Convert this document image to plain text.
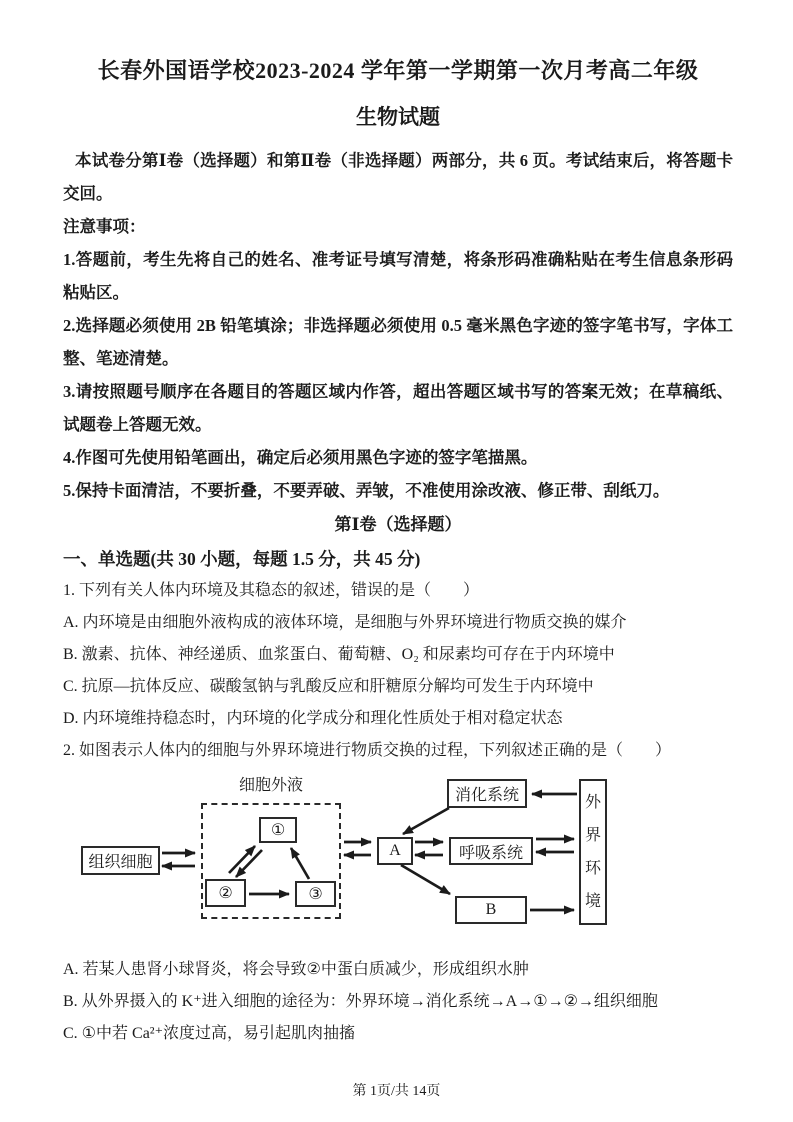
长春外国语学校2023-2024 学年第一学期第一次月考高二年级
生物试题
本试卷分第Ⅰ卷（选择题）和第Ⅱ卷（非选择题）两部分，共 6 页。考试结束后，将答题卡交回。
注意事项：
1.答题前，考生先将自己的姓名、准考证号填写清楚，将条形码准确粘贴在考生信息条形码粘贴区。
2.选择题必须使用 2B 铅笔填涂；非选择题必须使用 0.5 毫米黑色字迹的签字笔书写，字体工整、笔迹清楚。
3.请按照题号顺序在各题目的答题区域内作答，超出答题区域书写的答案无效；在草稿纸、试题卷上答题无效。
4.作图可先使用铅笔画出，确定后必须用黑色字迹的签字笔描黑。
5.保持卡面清洁，不要折叠，不要弄破、弄皱，不准使用涂改液、修正带、刮纸刀。
第Ⅰ卷（选择题）
一、单选题(共 30 小题，每题 1.5 分，共 45 分)
1. 下列有关人体内环境及其稳态的叙述，错误的是（　　）
A. 内环境是由细胞外液构成的液体环境，是细胞与外界环境进行物质交换的媒介
B. 激素、抗体、神经递质、血浆蛋白、葡萄糖、O₂ 和尿素均可存在于内环境中
C. 抗原—抗体反应、碳酸氢钠与乳酸反应和肝糖原分解均可发生于内环境中
D. 内环境维持稳态时，内环境的化学成分和理化性质处于相对稳定状态
2. 如图表示人体内的细胞与外界环境进行物质交换的过程，下列叙述正确的是（　　）
细胞外液
组织细胞
①
②	③
A
消化系统
呼吸系统
B
外界环境
A. 若某人患肾小球肾炎，将会导致②中蛋白质减少，形成组织水肿
B. 从外界摄入的 K⁺进入细胞的途径为：外界环境→消化系统→A→①→②→组织细胞
C. ①中若 Ca²⁺浓度过高，易引起肌肉抽搐
第 1页/共 14页
